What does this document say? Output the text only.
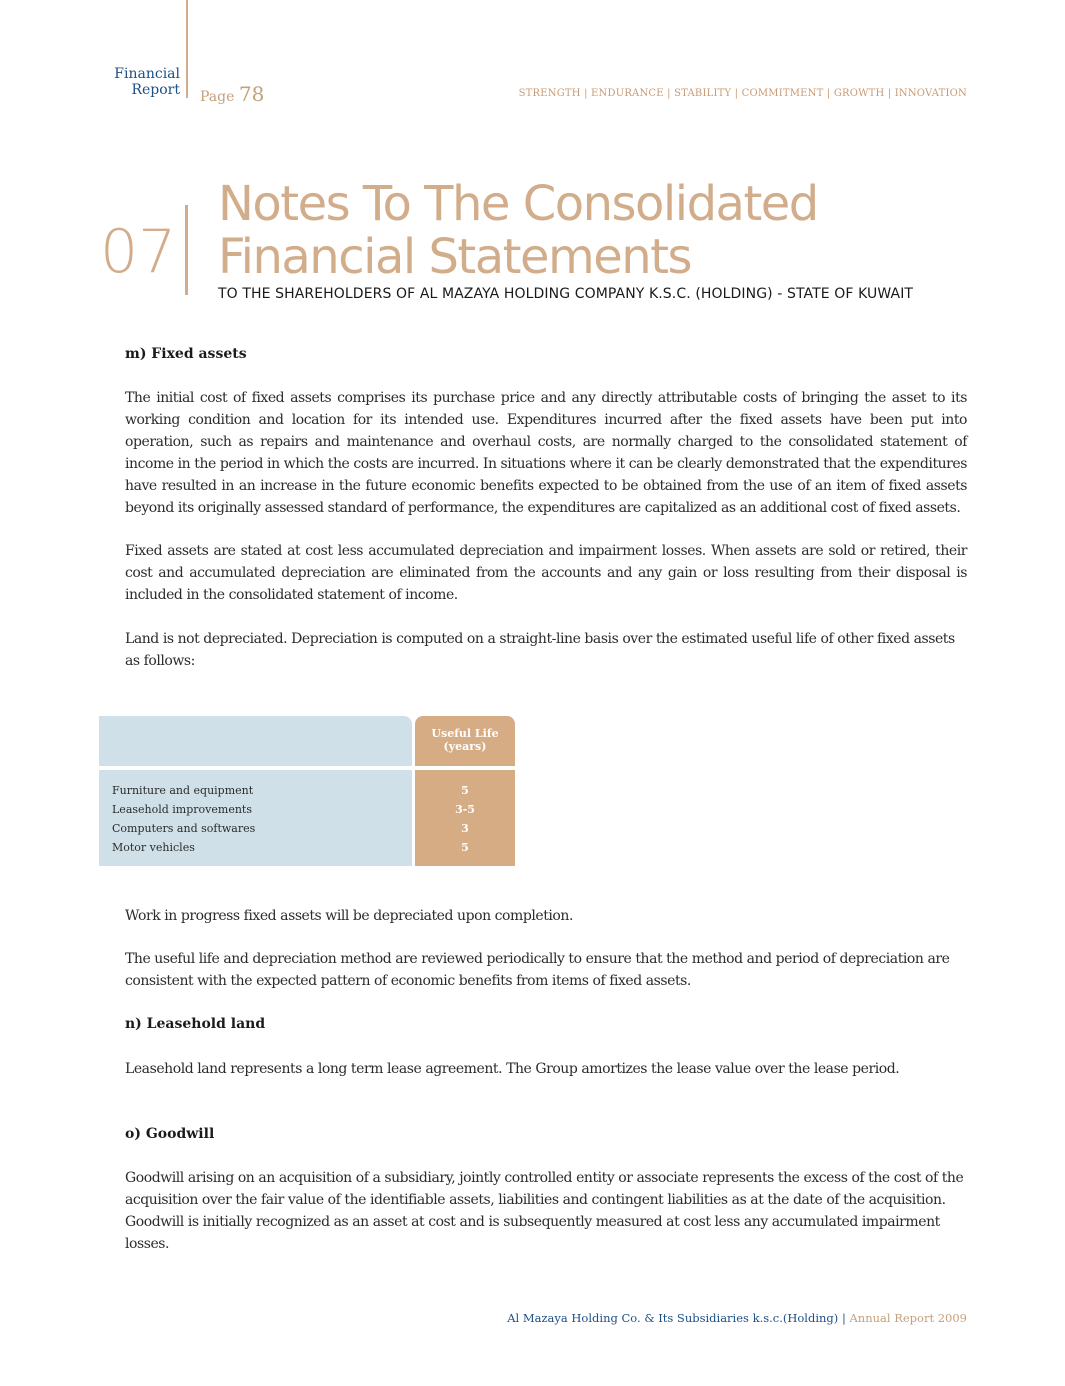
Financial
Report Page 78	STRENGTH | ENDURANCE | STABILITY | COMMITMENT | GROWTH | INNOVATION
07
Notes To The Consolidated
Financial Statements
TO THE SHAREHOLDERS OF AL MAZAYA HOLDING COMPANY K.S.C. (HOLDING) - STATE OF KUWAIT
m) Fixed assets
The initial cost of fixed assets comprises its purchase price and any directly attributable costs of bringing the asset to its working condition and location for its intended use. Expenditures incurred after the fixed assets have been put into operation, such as repairs and maintenance and overhaul costs, are normally charged to the consolidated statement of income in the period in which the costs are incurred. In situations where it can be clearly demonstrated that the expenditures have resulted in an increase in the future economic benefits expected to be obtained from the use of an item of fixed assets beyond its originally assessed standard of performance, the expenditures are capitalized as an additional cost of fixed assets.
Fixed assets are stated at cost less accumulated depreciation and impairment losses. When assets are sold or retired, their cost and accumulated depreciation are eliminated from the accounts and any gain or loss resulting from their disposal is included in the consolidated statement of income.
Land is not depreciated. Depreciation is computed on a straight-line basis over the estimated useful life of other fixed assets as follows:
Useful Life
(years)
Furniture and equipment
Leasehold improvements
Computers and softwares
Motor vehicles
5
3-5
3
5
Work in progress fixed assets will be depreciated upon completion.
The useful life and depreciation method are reviewed periodically to ensure that the method and period of depreciation are consistent with the expected pattern of economic benefits from items of fixed assets.
n) Leasehold land
Leasehold land represents a long term lease agreement. The Group amortizes the lease value over the lease period.
o) Goodwill
Goodwill arising on an acquisition of a subsidiary, jointly controlled entity or associate represents the excess of the cost of the acquisition over the fair value of the identifiable assets, liabilities and contingent liabilities as at the date of the acquisition. Goodwill is initially recognized as an asset at cost and is subsequently measured at cost less any accumulated impairment losses.
Al Mazaya Holding Co. & Its Subsidiaries k.s.c.(Holding) | Annual Report 2009
